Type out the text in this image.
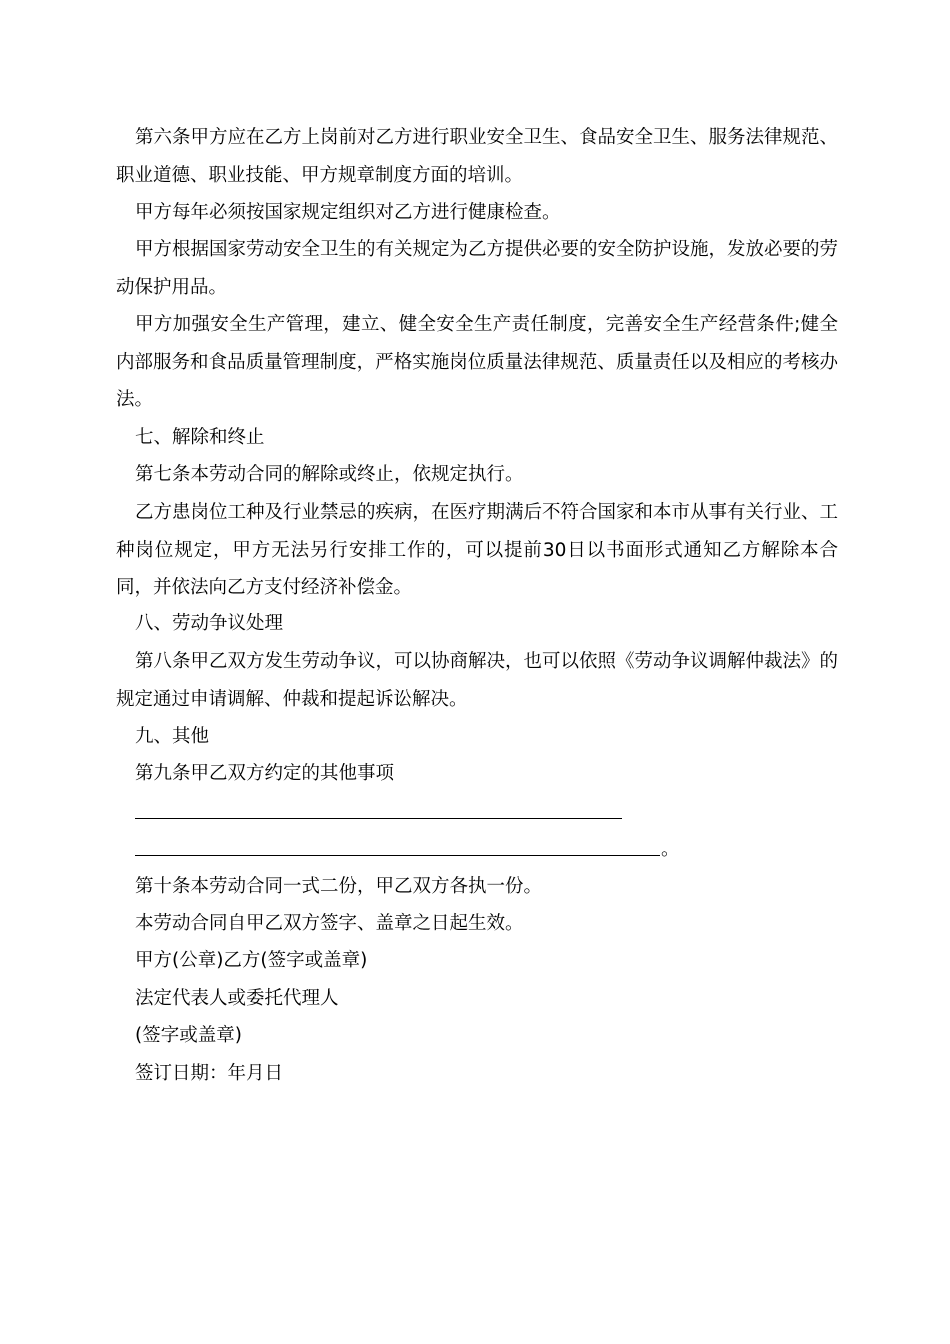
第六条甲方应在乙方上岗前对乙方进行职业安全卫生、食品安全卫生、服务法律规范、职业道德、职业技能、甲方规章制度方面的培训。

甲方每年必须按国家规定组织对乙方进行健康检查。

甲方根据国家劳动安全卫生的有关规定为乙方提供必要的安全防护设施，发放必要的劳动保护用品。

甲方加强安全生产管理，建立、健全安全生产责任制度，完善安全生产经营条件;健全内部服务和食品质量管理制度，严格实施岗位质量法律规范、质量责任以及相应的考核办法。

七、解除和终止

第七条本劳动合同的解除或终止，依规定执行。

乙方患岗位工种及行业禁忌的疾病，在医疗期满后不符合国家和本市从事有关行业、工种岗位规定，甲方无法另行安排工作的，可以提前30日以书面形式通知乙方解除本合同，并依法向乙方支付经济补偿金。

八、劳动争议处理

第八条甲乙双方发生劳动争议，可以协商解决，也可以依照《劳动争议调解仲裁法》的规定通过申请调解、仲裁和提起诉讼解决。

九、其他

第九条甲乙双方约定的其他事项

。

第十条本劳动合同一式二份，甲乙双方各执一份。

本劳动合同自甲乙双方签字、盖章之日起生效。

甲方(公章)乙方(签字或盖章)

法定代表人或委托代理人

(签字或盖章)

签订日期：年月日
